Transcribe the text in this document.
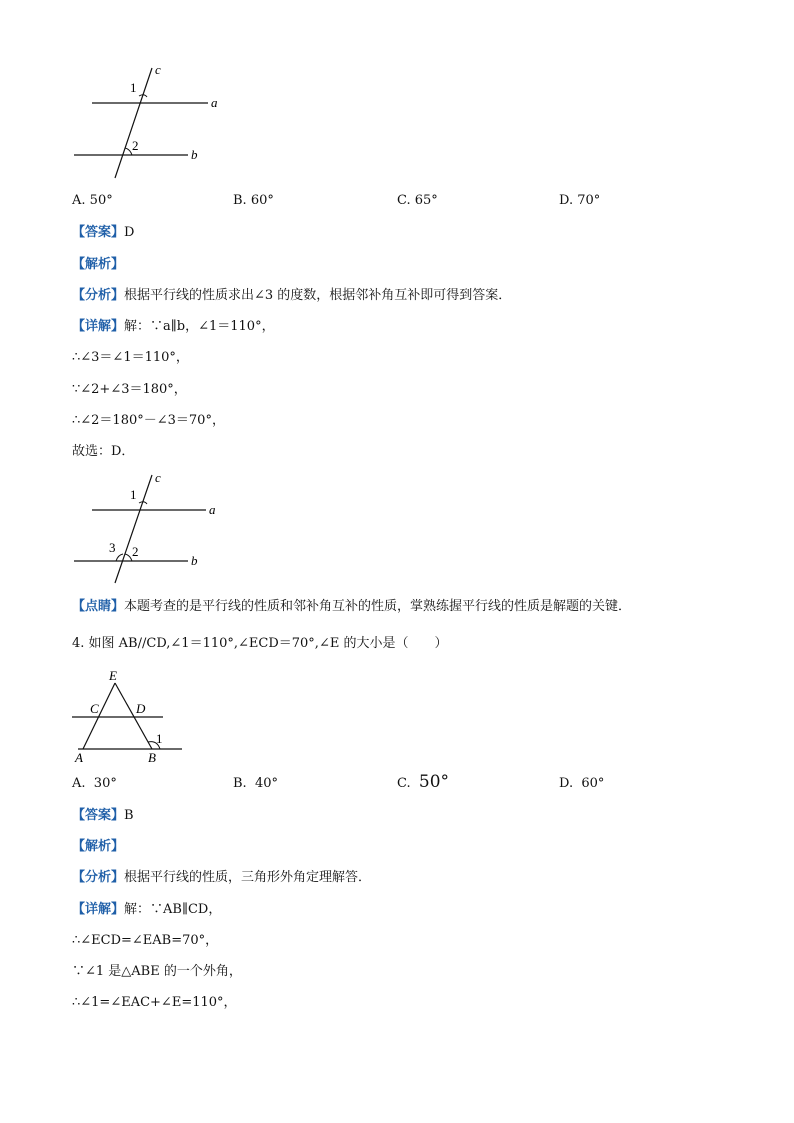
c
a
b
1
2
A. 50°	B. 60°	C. 65°	D. 70°
【答案】D
【解析】
【分析】根据平行线的性质求出∠3 的度数，根据邻补角互补即可得到答案．
【详解】解：∵a∥b，∠1＝110°，
∴∠3＝∠1＝110°，
∵∠2+∠3＝180°，
∴∠2＝180°－∠3＝70°，
故选：D．
c
a
b
1
2
3
【点睛】本题考查的是平行线的性质和邻补角互补的性质，掌熟练握平行线的性质是解题的关键．
4. 如图 AB//CD,∠1＝110°,∠ECD＝70°,∠E 的大小是（　　）
E
C	D
A	B
1
A. 30°	B. 40°	C. 50°	D. 60°
【答案】B
【解析】
【分析】根据平行线的性质，三角形外角定理解答．
【详解】解：∵AB∥CD，
∴∠ECD=∠EAB=70°，
∵∠1 是△ABE 的一个外角，
∴∠1=∠EAC+∠E=110°，
